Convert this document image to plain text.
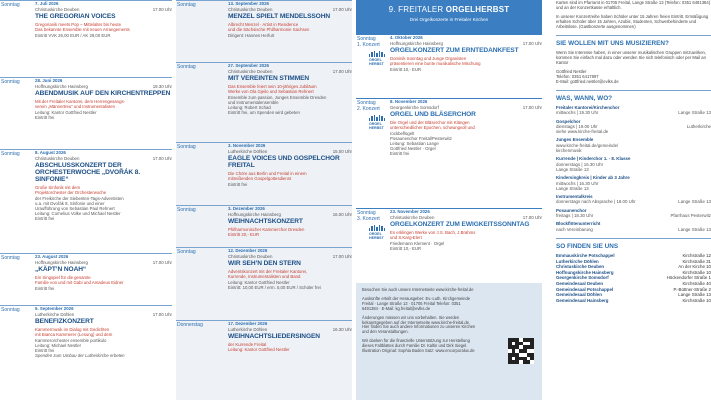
Sonntag	7. Juli 2026
Christuskirche Deuben	17.00 Uhr
THE GREGORIAN VOICES
Gregorianik meets Pop – Mittelalter bis heute
Das bekannte Ensemble mit neuen Arrangements
Eintritt VVK 26,00 EUR / AK 29,00 EUR
Sonntag	28. Juni 2026
Hoffnungskirche Hainsberg	19.30 Uhr
ABENDMUSIK AUF DEN KIRCHENTREPPEN
Mit der Freitaler Kantorei, dem Herrengesangs-
verein „Männertreu“ und Instrumentalisten
Leitung: Kantor Gottfried Nestler
Eintritt frei
Sonntag	8. August 2026
Christuskirche Deuben	17.00 Uhr
ABSCHLUSSKONZERT DER ORCHESTERWOCHE „DVOŘÁK 8. SINFONIE“
Große Sinfonik mit dem
Projektorchester der Orchesterwoche
der Freikirche der Siebenten-Tags-Adventisten
u.a. mit Dvořák 8. Sinfonie und einer
Uraufführung von Sebastian Paul Rehnert
Leitung: Cornelius Volke und Michael Nestler
Eintritt frei
Sonntag	23. August 2026
Hoffnungskirche Hainsberg	17.00 Uhr
„KÄPT’N NOAH“
Ein Singspiel für die gesamte
Familie von und mit Gabi und Amadeus Eidner
Eintritt frei
Sonntag	5. September 2026
Lutherkirche Döhlen	17.00 Uhr
BENEFIZKONZERT
Kammermusik im Dialog mit Gedichten
mit Bianca Kammerer (Lesung) und dem
Kammerorchester ensemble portikulo
Leitung: Michael Nestler
Eintritt frei
Spenden zum Umbau der Lutherkirche erbeten
Sonntag	13. September 2026
Christuskirche Deuben	17.00 Uhr
MENZEL SPIELT MENDELSSOHN
Albrecht Menzel · Artist in Residence
und die Sächsische Philharmonie Sachsen
Dirigent: Hannes Herfurt
Sonntag	27. September 2026
Christuskirche Deuben	17.00 Uhr
MIT VEREINTEN STIMMEN
Das Ensemble feiert sein 10-jähriges Jubiläum
Werke von Ola Gjeilo und Sebastian Rehnert
Ensemble zum passion, Junges Ensemble Dresden
und Instrumentalensemble
Leitung: Robert Schad
Eintritt frei, um Spenden wird gebeten
Sonntag	3. November 2026
Lutherkirche Döhlen	15.00 Uhr
EAGLE VOICES UND GOSPELCHOR FREITAL
Die Chöre aus Berlin und Freital in einem
mitreißenden Gospelgottesdienst
Eintritt frei
Sonntag	3. Dezember 2026
Hoffnungskirche Hainsberg	16.00 Uhr
WEIHNACHTSKONZERT
Philharmonischer Kammerchor Dresden
Eintritt 20,- EUR
Sonntag	12. Dezember 2026
Christuskirche Deuben	17.00 Uhr
WIR SEH’N DEN STERN
Adventskonzert mit der Freitaler Kantorei,
Kurrende, Instrumentalisten und Band
Leitung: Kantor Gottfried Nestler
Eintritt: 10,00 EUR / erm. 5,00 EUR / Schüler frei
Donnerstag	17. Dezember 2026
Lutherkirche Döhlen	16.30 Uhr
WEIHNACHTSLIEDERSINGEN
der Kurrende Freital
Leitung: Kantor Gottfried Nestler
9. FREITALER ORGELHERBST
Drei Orgelkonzerte in Freitaler Kirchen
Sonntag
1. Konzert
ORGEL HERBST
4. Oktober 2026
Hoffnungskirche Hainsberg	17.00 Uhr
ORGELKONZERT ZUM ERNTEDANKFEST
Dominik Sonntag und Junge Organisten
präsentieren eine bunte musikalische Mischung
Eintritt 10,- EUR
Sonntag
2. Konzert
ORGEL HERBST
8. November 2026
Georgenkirche Somsdorf	17.00 Uhr
ORGEL UND BLÄSERCHOR
Die Orgel und der Bläserchor mit Klängen
unterschiedlicher Epochen, schwungvoll und
rockbeflügelt
Posaunenchor Freital/Pesterwitz
Leitung: Sebastian Lange
Gottfried Nestler · Orgel
Eintritt frei
Sonntag
3. Konzert
ORGEL HERBST
23. November 2026
Christuskirche Deuben	17.00 Uhr
ORGELKONZERT ZUM EWIGKEITSSONNTAG
Es erklingen Werke von J.S. Bach, J.Brahms
und S.Karg-Elert
Friedemann Klement · Orgel
Eintritt 10,- EUR

Besuchen Sie auch unsere Internetseite www.kirche-freital.de

Auskünfte erteilt der Herausgeber: Ev.-Luth. Kirchgemeinde Freital · Lange Straße 13 · 01705 Freital Telefon: 0351 6491384 · E-Mail: kg.freital@evlks.de

Änderungen müssen wir uns vorbehalten. Sie werden bekanntgegeben auf der Internetseite www.kirche-freital.de. Hier finden Sie auch andere Informationen zu unseren Kirchen und den Veranstaltungen.

Wir danken für die finanzielle Unterstützung zur Herstellung dieses Faltblattes durch Familie Dr. Kaltin und Dirk Siegel. Illustration Original: Sophia Baden Satz: www.encorporalux.de

Karten sind im Pfarramt in 01705 Freital, Lange Straße 13 (Telefon: 0351 6491384) und an der Konzertkasse erhältlich.

In unserer Konzertreihe haben Schüler unter 15 Jahren freien Eintritt. Ermäßigung erhalten Schüler über 15 Jahren, Azubis, Studenten, Schwerbehinderte und Arbeitslose. (Gastkonzerte ausgenommen)

SIE WOLLEN MIT UNS MUSIZIEREN?

Wenn Sie Interesse haben, in einer unserer musikalischen Gruppen mitzuwirken, kommen Sie einfach mal dazu oder wenden Sie sich telefonisch oder per Mail an Kantor

Gottfried Nestler
Telefon: 0351 6417897
E-Mail: gottfried.nestler@evlks.de

WAS, WANN, WO?
Freitaler Kantorei/Kirchenchor
mittwochs | 19.30 Uhr	Lange Straße 13
Gospelchor
dienstags | 19.00 Uhr	Lutherkirche
siehe www.kirche-freital.de
Junges Ensemble
www.kirche-freital.de/gemeinde/
kirchenmusik
Kurrende | Kinderchor 1. - 8. Klasse
donnerstags | 16.30 Uhr
Lange Straße 13
Kindersingkreis | Kinder ab 3 Jahre
mittwochs | 16.30 Uhr
Lange Straße 13
Instrumentalkreis
donnerstags nach Absprache | 18.00 Uhr	Lange Straße 13
Posaunenchor
freitags | 18.30 Uhr	Pfarrhaus Pesterwitz
Blockflötenunterricht
nach Vereinbarung	Lange Straße 13
SO FINDEN SIE UNS
Emmauskirche Potschappel	Kirchstraße 12
Lutherkirche Döhlen	Kirchstraße 31
Christuskirche Deuben	An der Kirche 10
Hoffnungskirche Hainsberg	Kirchstraße 10
Georgenkirche Somsdorf	Höckendorfer Straße 1
Gemeindesaal Deuben	Kirchstraße 40
Gemeindesaal Potschappel	P.-Büttner-Straße 2
Gemeindesaal Döhlen	Lange Straße 13
Gemeindesaal Hainsberg	Kirchstraße 10
